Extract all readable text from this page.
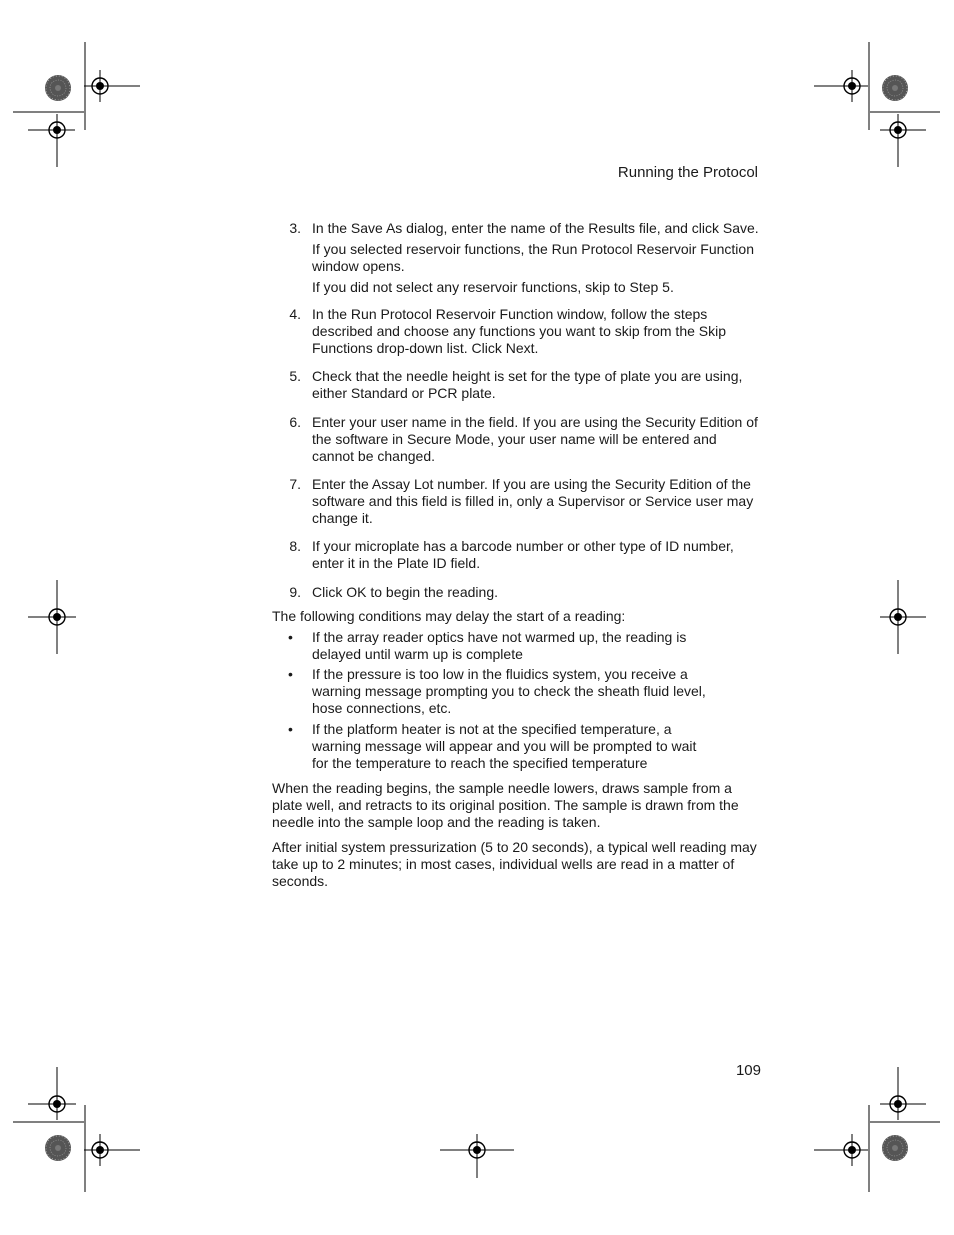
Running the Protocol
3. In the Save As dialog, enter the name of the Results file, and click Save.

If you selected reservoir functions, the Run Protocol Reservoir Function window opens.

If you did not select any reservoir functions, skip to Step 5.

4. In the Run Protocol Reservoir Function window, follow the steps described and choose any functions you want to skip from the Skip Functions drop-down list. Click Next.

5. Check that the needle height is set for the type of plate you are using, either Standard or PCR plate.

6. Enter your user name in the field. If you are using the Security Edition of the software in Secure Mode, your user name will be entered and cannot be changed.

7. Enter the Assay Lot number. If you are using the Security Edition of the software and this field is filled in, only a Supervisor or Service user may change it.

8. If your microplate has a barcode number or other type of ID number, enter it in the Plate ID field.

9. Click OK to begin the reading.

The following conditions may delay the start of a reading:

• If the array reader optics have not warmed up, the reading is delayed until warm up is complete
• If the pressure is too low in the fluidics system, you receive a warning message prompting you to check the sheath fluid level, hose connections, etc.
• If the platform heater is not at the specified temperature, a warning message will appear and you will be prompted to wait for the temperature to reach the specified temperature

When the reading begins, the sample needle lowers, draws sample from a plate well, and retracts to its original position. The sample is drawn from the needle into the sample loop and the reading is taken.

After initial system pressurization (5 to 20 seconds), a typical well reading may take up to 2 minutes; in most cases, individual wells are read in a matter of seconds.

109
